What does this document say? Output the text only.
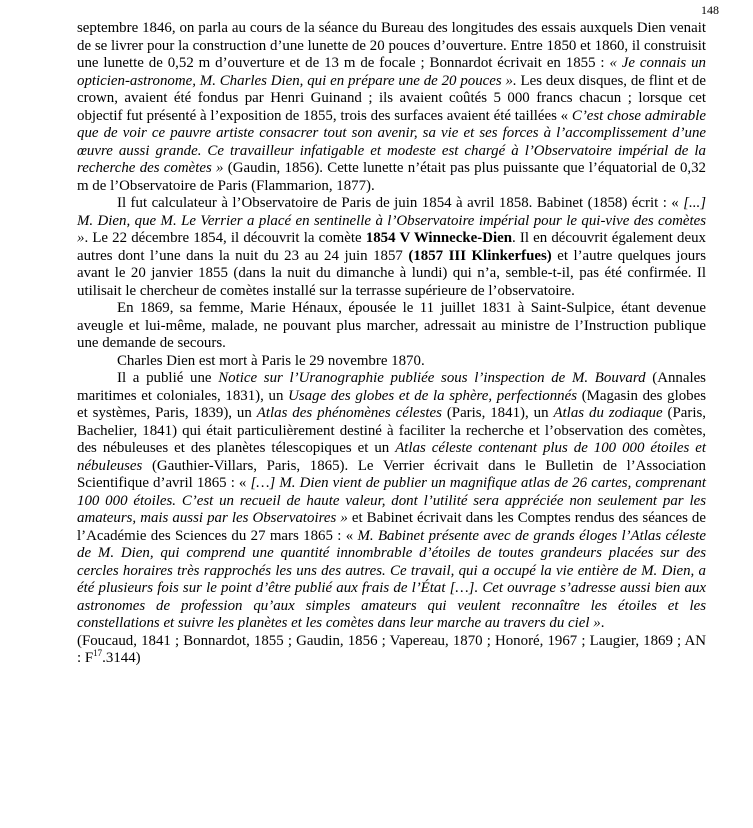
148

septembre 1846, on parla au cours de la séance du Bureau des longitudes des essais auxquels Dien venait de se livrer pour la construction d’une lunette de 20 pouces d’ouverture. Entre 1850 et 1860, il construisit une lunette de 0,52 m d’ouverture et de 13 m de focale ; Bonnardot écrivait en 1855 : « Je connais un opticien-astronome, M. Charles Dien, qui en prépare une de 20 pouces ». Les deux disques, de flint et de crown, avaient été fondus par Henri Guinand ; ils avaient coûtés 5 000 francs chacun ; lorsque cet objectif fut présenté à l’exposition de 1855, trois des surfaces avaient été taillées « C’est chose admirable que de voir ce pauvre artiste consacrer tout son avenir, sa vie et ses forces à l’accomplissement d’une œuvre aussi grande. Ce travailleur infatigable et modeste est chargé à l’Observatoire impérial de la recherche des comètes » (Gaudin, 1856). Cette lunette n’était pas plus puissante que l’équatorial de 0,32 m de l’Observatoire de Paris (Flammarion, 1877).

Il fut calculateur à l’Observatoire de Paris de juin 1854 à avril 1858. Babinet (1858) écrit : « [...] M. Dien, que M. Le Verrier a placé en sentinelle à l’Observatoire impérial pour le qui-vive des comètes ». Le 22 décembre 1854, il découvrit la comète 1854 V Winnecke-Dien. Il en découvrit également deux autres dont l’une dans la nuit du 23 au 24 juin 1857 (1857 III Klinkerfues) et l’autre quelques jours avant le 20 janvier 1855 (dans la nuit du dimanche à lundi) qui n’a, semble-t-il, pas été confirmée. Il utilisait le chercheur de comètes installé sur la terrasse supérieure de l’observatoire.

En 1869, sa femme, Marie Hénaux, épousée le 11 juillet 1831 à Saint-Sulpice, étant devenue aveugle et lui-même, malade, ne pouvant plus marcher, adressait au ministre de l’Instruction publique une demande de secours.

Charles Dien est mort à Paris le 29 novembre 1870.

Il a publié une Notice sur l’Uranographie publiée sous l’inspection de M. Bouvard (Annales maritimes et coloniales, 1831), un Usage des globes et de la sphère, perfectionnés (Magasin des globes et systèmes, Paris, 1839), un Atlas des phénomènes célestes (Paris, 1841), un Atlas du zodiaque (Paris, Bachelier, 1841) qui était particulièrement destiné à faciliter la recherche et l’observation des comètes, des nébuleuses et des planètes télescopiques et un Atlas céleste contenant plus de 100 000 étoiles et nébuleuses (Gauthier-Villars, Paris, 1865). Le Verrier écrivait dans le Bulletin de l’Association Scientifique d’avril 1865 : « […] M. Dien vient de publier un magnifique atlas de 26 cartes, comprenant 100 000 étoiles. C’est un recueil de haute valeur, dont l’utilité sera appréciée non seulement par les amateurs, mais aussi par les Observatoires » et Babinet écrivait dans les Comptes rendus des séances de l’Académie des Sciences du 27 mars 1865 : « M. Babinet présente avec de grands éloges l’Atlas céleste de M. Dien, qui comprend une quantité innombrable d’étoiles de toutes grandeurs placées sur des cercles horaires très rapprochés les uns des autres. Ce travail, qui a occupé la vie entière de M. Dien, a été plusieurs fois sur le point d’être publié aux frais de l’État […]. Cet ouvrage s’adresse aussi bien aux astronomes de profession qu’aux simples amateurs qui veulent reconnaître les étoiles et les constellations et suivre les planètes et les comètes dans leur marche au travers du ciel ».

(Foucaud, 1841 ; Bonnardot, 1855 ; Gaudin, 1856 ; Vapereau, 1870 ; Honoré, 1967 ; Laugier, 1869 ; AN : $F^{17}.3144$)
